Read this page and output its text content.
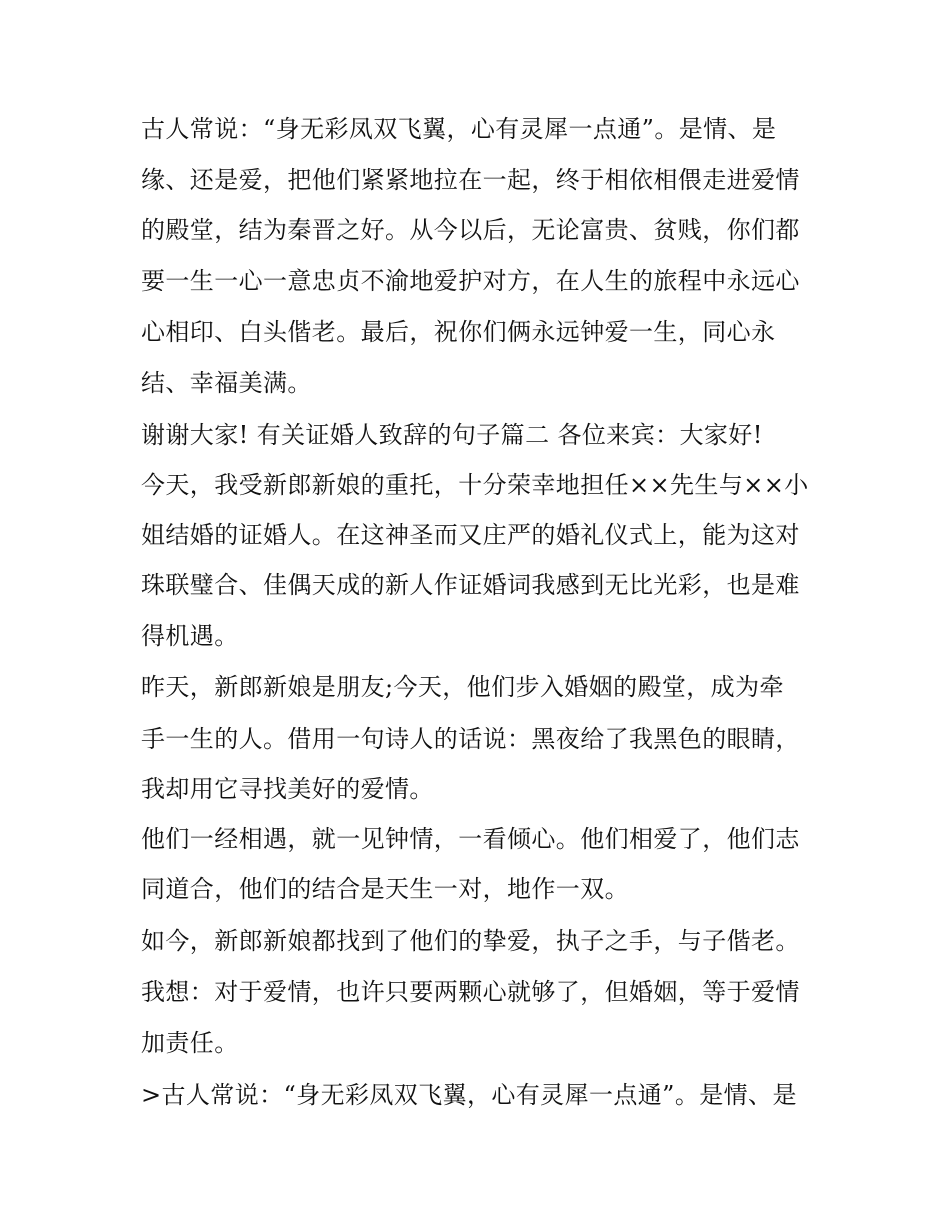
古人常说：“身无彩凤双飞翼，心有灵犀一点通”。是情、是
缘、还是爱，把他们紧紧地拉在一起，终于相依相偎走进爱情
的殿堂，结为秦晋之好。从今以后，无论富贵、贫贱，你们都
要一生一心一意忠贞不渝地爱护对方，在人生的旅程中永远心
心相印、白头偕老。最后，祝你们俩永远钟爱一生，同心永
结、幸福美满。
谢谢大家! 有关证婚人致辞的句子篇二 各位来宾：大家好!
今天，我受新郎新娘的重托，十分荣幸地担任××先生与××小
姐结婚的证婚人。在这神圣而又庄严的婚礼仪式上，能为这对
珠联璧合、佳偶天成的新人作证婚词我感到无比光彩，也是难
得机遇。
昨天，新郎新娘是朋友;今天，他们步入婚姻的殿堂，成为牵
手一生的人。借用一句诗人的话说：黑夜给了我黑色的眼睛，
我却用它寻找美好的爱情。
他们一经相遇，就一见钟情，一看倾心。他们相爱了，他们志
同道合，他们的结合是天生一对，地作一双。
如今，新郎新娘都找到了他们的挚爱，执子之手，与子偕老。
我想：对于爱情，也许只要两颗心就够了，但婚姻，等于爱情
加责任。
>古人常说：“身无彩凤双飞翼，心有灵犀一点通”。是情、是
